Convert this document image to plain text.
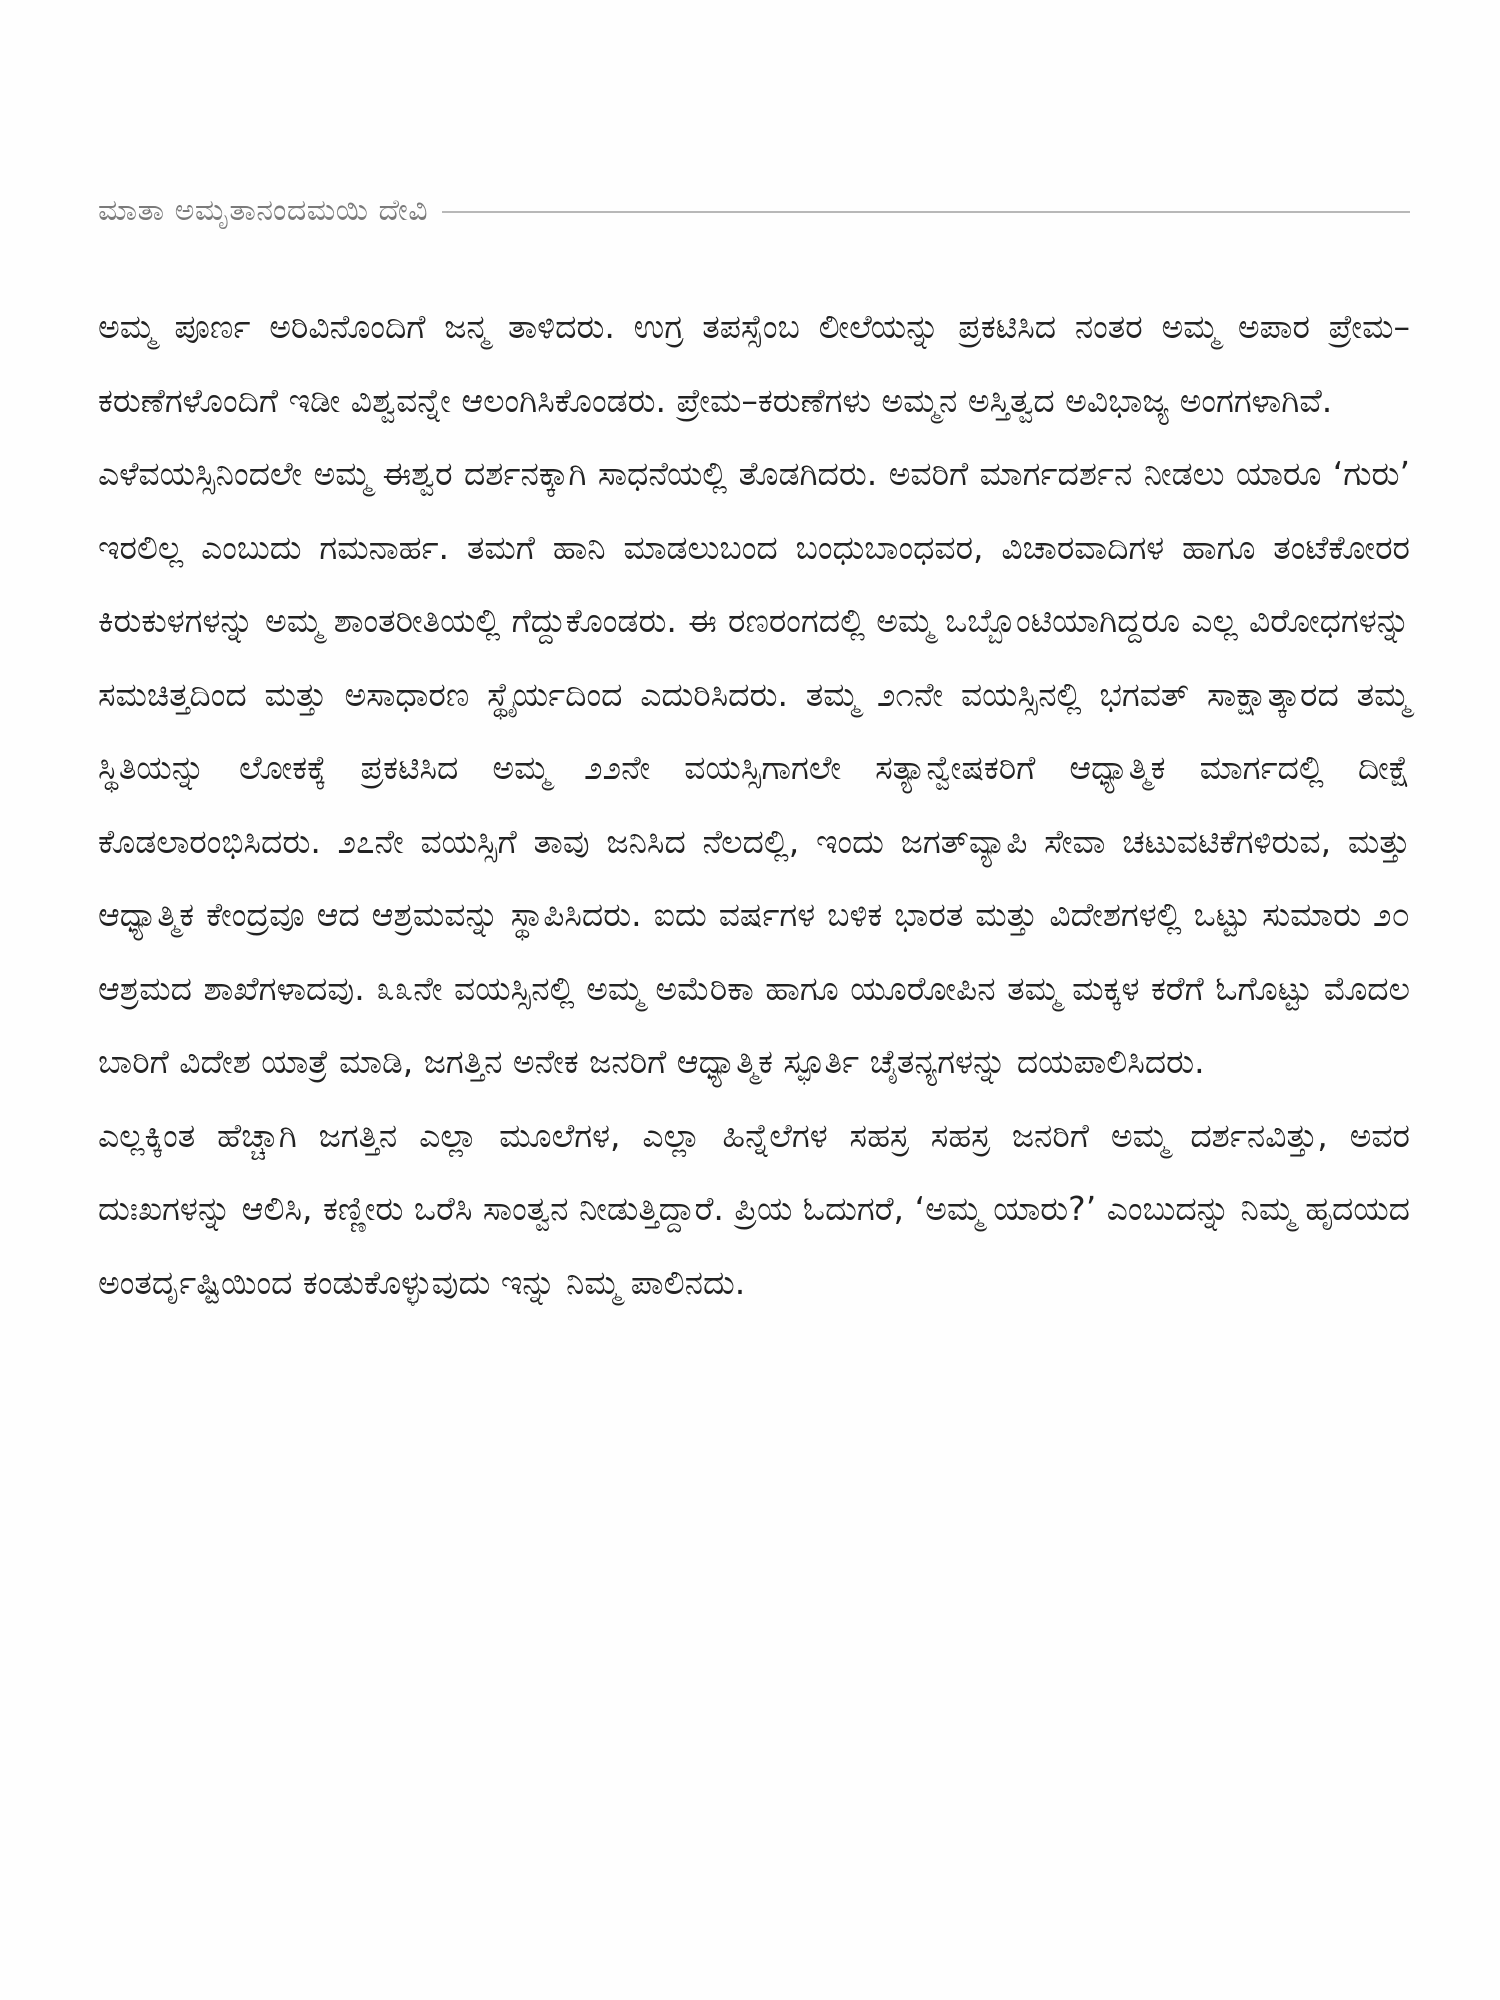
ಮಾತಾ ಅಮೃತಾನಂದಮಯಿ ದೇವಿ

ಅಮ್ಮ ಪೂರ್ಣ ಅರಿವಿನೊಂದಿಗೆ ಜನ್ಮ ತಾಳಿದರು. ಉಗ್ರ ತಪಸ್ಸೆಂಬ ಲೀಲೆಯನ್ನು ಪ್ರಕಟಿಸಿದ ನಂತರ ಅಮ್ಮ ಅಪಾರ ಪ್ರೇಮ–ಕರುಣೆಗಳೊಂದಿಗೆ ಇಡೀ ವಿಶ್ವವನ್ನೇ ಆಲಂಗಿಸಿಕೊಂಡರು. ಪ್ರೇಮ–ಕರುಣೆಗಳು ಅಮ್ಮನ ಅಸ್ತಿತ್ವದ ಅವಿಭಾಜ್ಯ ಅಂಗಗಳಾಗಿವೆ.

ಎಳೆವಯಸ್ಸಿನಿಂದಲೇ ಅಮ್ಮ ಈಶ್ವರ ದರ್ಶನಕ್ಕಾಗಿ ಸಾಧನೆಯಲ್ಲಿ ತೊಡಗಿದರು. ಅವರಿಗೆ ಮಾರ್ಗದರ್ಶನ ನೀಡಲು ಯಾರೂ ‘ಗುರು’ ಇರಲಿಲ್ಲ ಎಂಬುದು ಗಮನಾರ್ಹ. ತಮಗೆ ಹಾನಿ ಮಾಡಲುಬಂದ ಬಂಧುಬಾಂಧವರ, ವಿಚಾರವಾದಿಗಳ ಹಾಗೂ ತಂಟೆಕೋರರ ಕಿರುಕುಳಗಳನ್ನು ಅಮ್ಮ ಶಾಂತರೀತಿಯಲ್ಲಿ ಗೆದ್ದುಕೊಂಡರು. ಈ ರಣರಂಗದಲ್ಲಿ ಅಮ್ಮ ಒಬ್ಬೊಂಟಿಯಾಗಿದ್ದರೂ ಎಲ್ಲ ವಿರೋಧಗಳನ್ನು ಸಮಚಿತ್ತದಿಂದ ಮತ್ತು ಅಸಾಧಾರಣ ಸ್ಥೈರ್ಯದಿಂದ ಎದುರಿಸಿದರು. ತಮ್ಮ ೨೧ನೇ ವಯಸ್ಸಿನಲ್ಲಿ ಭಗವತ್ ಸಾಕ್ಷಾತ್ಕಾರದ ತಮ್ಮ ಸ್ಥಿತಿಯನ್ನು ಲೋಕಕ್ಕೆ ಪ್ರಕಟಿಸಿದ ಅಮ್ಮ ೨೨ನೇ ವಯಸ್ಸಿಗಾಗಲೇ ಸತ್ಯಾನ್ವೇಷಕರಿಗೆ ಆಧ್ಯಾತ್ಮಿಕ ಮಾರ್ಗದಲ್ಲಿ ದೀಕ್ಷೆ ಕೊಡಲಾರಂಭಿಸಿದರು. ೨೭ನೇ ವಯಸ್ಸಿಗೆ ತಾವು ಜನಿಸಿದ ನೆಲದಲ್ಲಿ, ಇಂದು ಜಗತ್‌ವ್ಯಾಪಿ ಸೇವಾ ಚಟುವಟಿಕೆಗಳಿರುವ, ಮತ್ತು ಆಧ್ಯಾತ್ಮಿಕ ಕೇಂದ್ರವೂ ಆದ ಆಶ್ರಮವನ್ನು ಸ್ಥಾಪಿಸಿದರು. ಐದು ವರ್ಷಗಳ ಬಳಿಕ ಭಾರತ ಮತ್ತು ವಿದೇಶಗಳಲ್ಲಿ ಒಟ್ಟು ಸುಮಾರು ೨೦ ಆಶ್ರಮದ ಶಾಖೆಗಳಾದವು. ೩೩ನೇ ವಯಸ್ಸಿನಲ್ಲಿ ಅಮ್ಮ ಅಮೆರಿಕಾ ಹಾಗೂ ಯೂರೋಪಿನ ತಮ್ಮ ಮಕ್ಕಳ ಕರೆಗೆ ಓಗೊಟ್ಟು ಮೊದಲ ಬಾರಿಗೆ ವಿದೇಶ ಯಾತ್ರೆ ಮಾಡಿ, ಜಗತ್ತಿನ ಅನೇಕ ಜನರಿಗೆ ಆಧ್ಯಾತ್ಮಿಕ ಸ್ಫೂರ್ತಿ ಚೈತನ್ಯಗಳನ್ನು ದಯಪಾಲಿಸಿದರು.

ಎಲ್ಲಕ್ಕಿಂತ ಹೆಚ್ಚಾಗಿ ಜಗತ್ತಿನ ಎಲ್ಲಾ ಮೂಲೆಗಳ, ಎಲ್ಲಾ ಹಿನ್ನೆಲೆಗಳ ಸಹಸ್ರ ಸಹಸ್ರ ಜನರಿಗೆ ಅಮ್ಮ ದರ್ಶನವಿತ್ತು, ಅವರ ದುಃಖಗಳನ್ನು ಆಲಿಸಿ, ಕಣ್ಣೀರು ಒರೆಸಿ ಸಾಂತ್ವನ ನೀಡುತ್ತಿದ್ದಾರೆ. ಪ್ರಿಯ ಓದುಗರೆ, ‘ಅಮ್ಮ ಯಾರು?’ ಎಂಬುದನ್ನು ನಿಮ್ಮ ಹೃದಯದ ಅಂತರ್ದೃಷ್ಟಿಯಿಂದ ಕಂಡುಕೊಳ್ಳುವುದು ಇನ್ನು ನಿಮ್ಮ ಪಾಲಿನದು.
